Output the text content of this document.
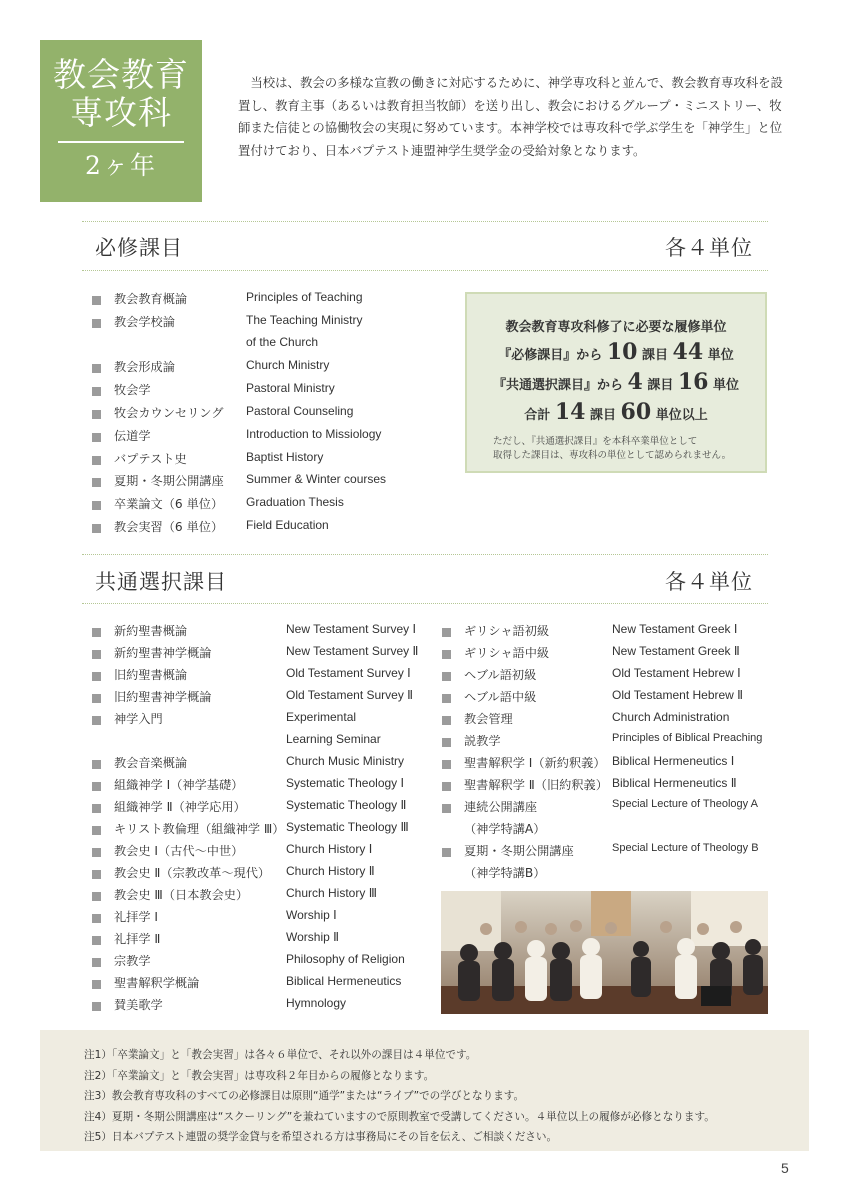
教会教育
専攻科
2ヶ年

当校は、教会の多様な宣教の働きに対応するために、神学専攻科と並んで、教会教育専攻科を設置し、教育主事（あるいは教育担当牧師）を送り出し、教会におけるグループ・ミニストリー、牧師また信徒との協働牧会の実現に努めています。本神学校では専攻科で学ぶ学生を「神学生」と位置付けており、日本バプテスト連盟神学生奨学金の受給対象となります。

必修課目	各４単位
教会教育概論	Principles of Teaching
教会学校論	The Teaching Ministry
of the Church
教会形成論	Church Ministry
牧会学	Pastoral Ministry
牧会カウンセリング Pastoral Counseling
伝道学	Introduction to Missiology
バプテスト史	Baptist History
夏期・冬期公開講座 Summer & Winter courses
卒業論文（6 単位） Graduation Thesis
教会実習（6 単位） Field Education
教会教育専攻科修了に必要な履修単位
『必修課目』から 10 課目 44 単位
『共通選択課目』から 4 課目 16 単位
合計 14 課目 60 単位以上
ただし、『共通選択課目』を本科卒業単位として
取得した課目は、専攻科の単位として認められません。
共通選択課目	各４単位
新約聖書概論	New Testament Survey Ⅰ
新約聖書神学概論	New Testament Survey Ⅱ
旧約聖書概論	Old Testament Survey Ⅰ
旧約聖書神学概論	Old Testament Survey Ⅱ
神学入門	Experimental
Learning Seminar
教会音楽概論	Church Music Ministry
組織神学 Ⅰ（神学基礎）	Systematic Theology Ⅰ
組織神学 Ⅱ（神学応用）	Systematic Theology Ⅱ
キリスト教倫理（組織神学 Ⅲ） Systematic Theology Ⅲ
教会史 Ⅰ（古代〜中世）	Church History Ⅰ
教会史 Ⅱ（宗教改革〜現代） Church History Ⅱ
教会史 Ⅲ（日本教会史）	Church History Ⅲ
礼拝学 Ⅰ	Worship Ⅰ
礼拝学 Ⅱ	Worship Ⅱ
宗教学	Philosophy of Religion
聖書解釈学概論	Biblical Hermeneutics
賛美歌学	Hymnology
ギリシャ語初級	New Testament Greek Ⅰ
ギリシャ語中級	New Testament Greek Ⅱ
ヘブル語初級	Old Testament Hebrew Ⅰ
ヘブル語中級	Old Testament Hebrew Ⅱ
教会管理	Church Administration
説教学	Principles of Biblical Preaching
聖書解釈学 Ⅰ（新約釈義） Biblical Hermeneutics Ⅰ
聖書解釈学 Ⅱ（旧約釈義） Biblical Hermeneutics Ⅱ
連続公開講座	Special Lecture of Theology A
（神学特講A）
夏期・冬期公開講座	Special Lecture of Theology B
（神学特講B）

注1）「卒業論文」と「教会実習」は各々６単位で、それ以外の課目は４単位です。

注2）「卒業論文」と「教会実習」は専攻科２年目からの履修となります。

注3）教会教育専攻科のすべての必修課目は原則“通学”または“ライブ”での学びとなります。

注4）夏期・冬期公開講座は“スクーリング”を兼ねていますので原則教室で受講してください。４単位以上の履修が必修となります。

注5）日本バプテスト連盟の奨学金貸与を希望される方は事務局にその旨を伝え、ご相談ください。

5
